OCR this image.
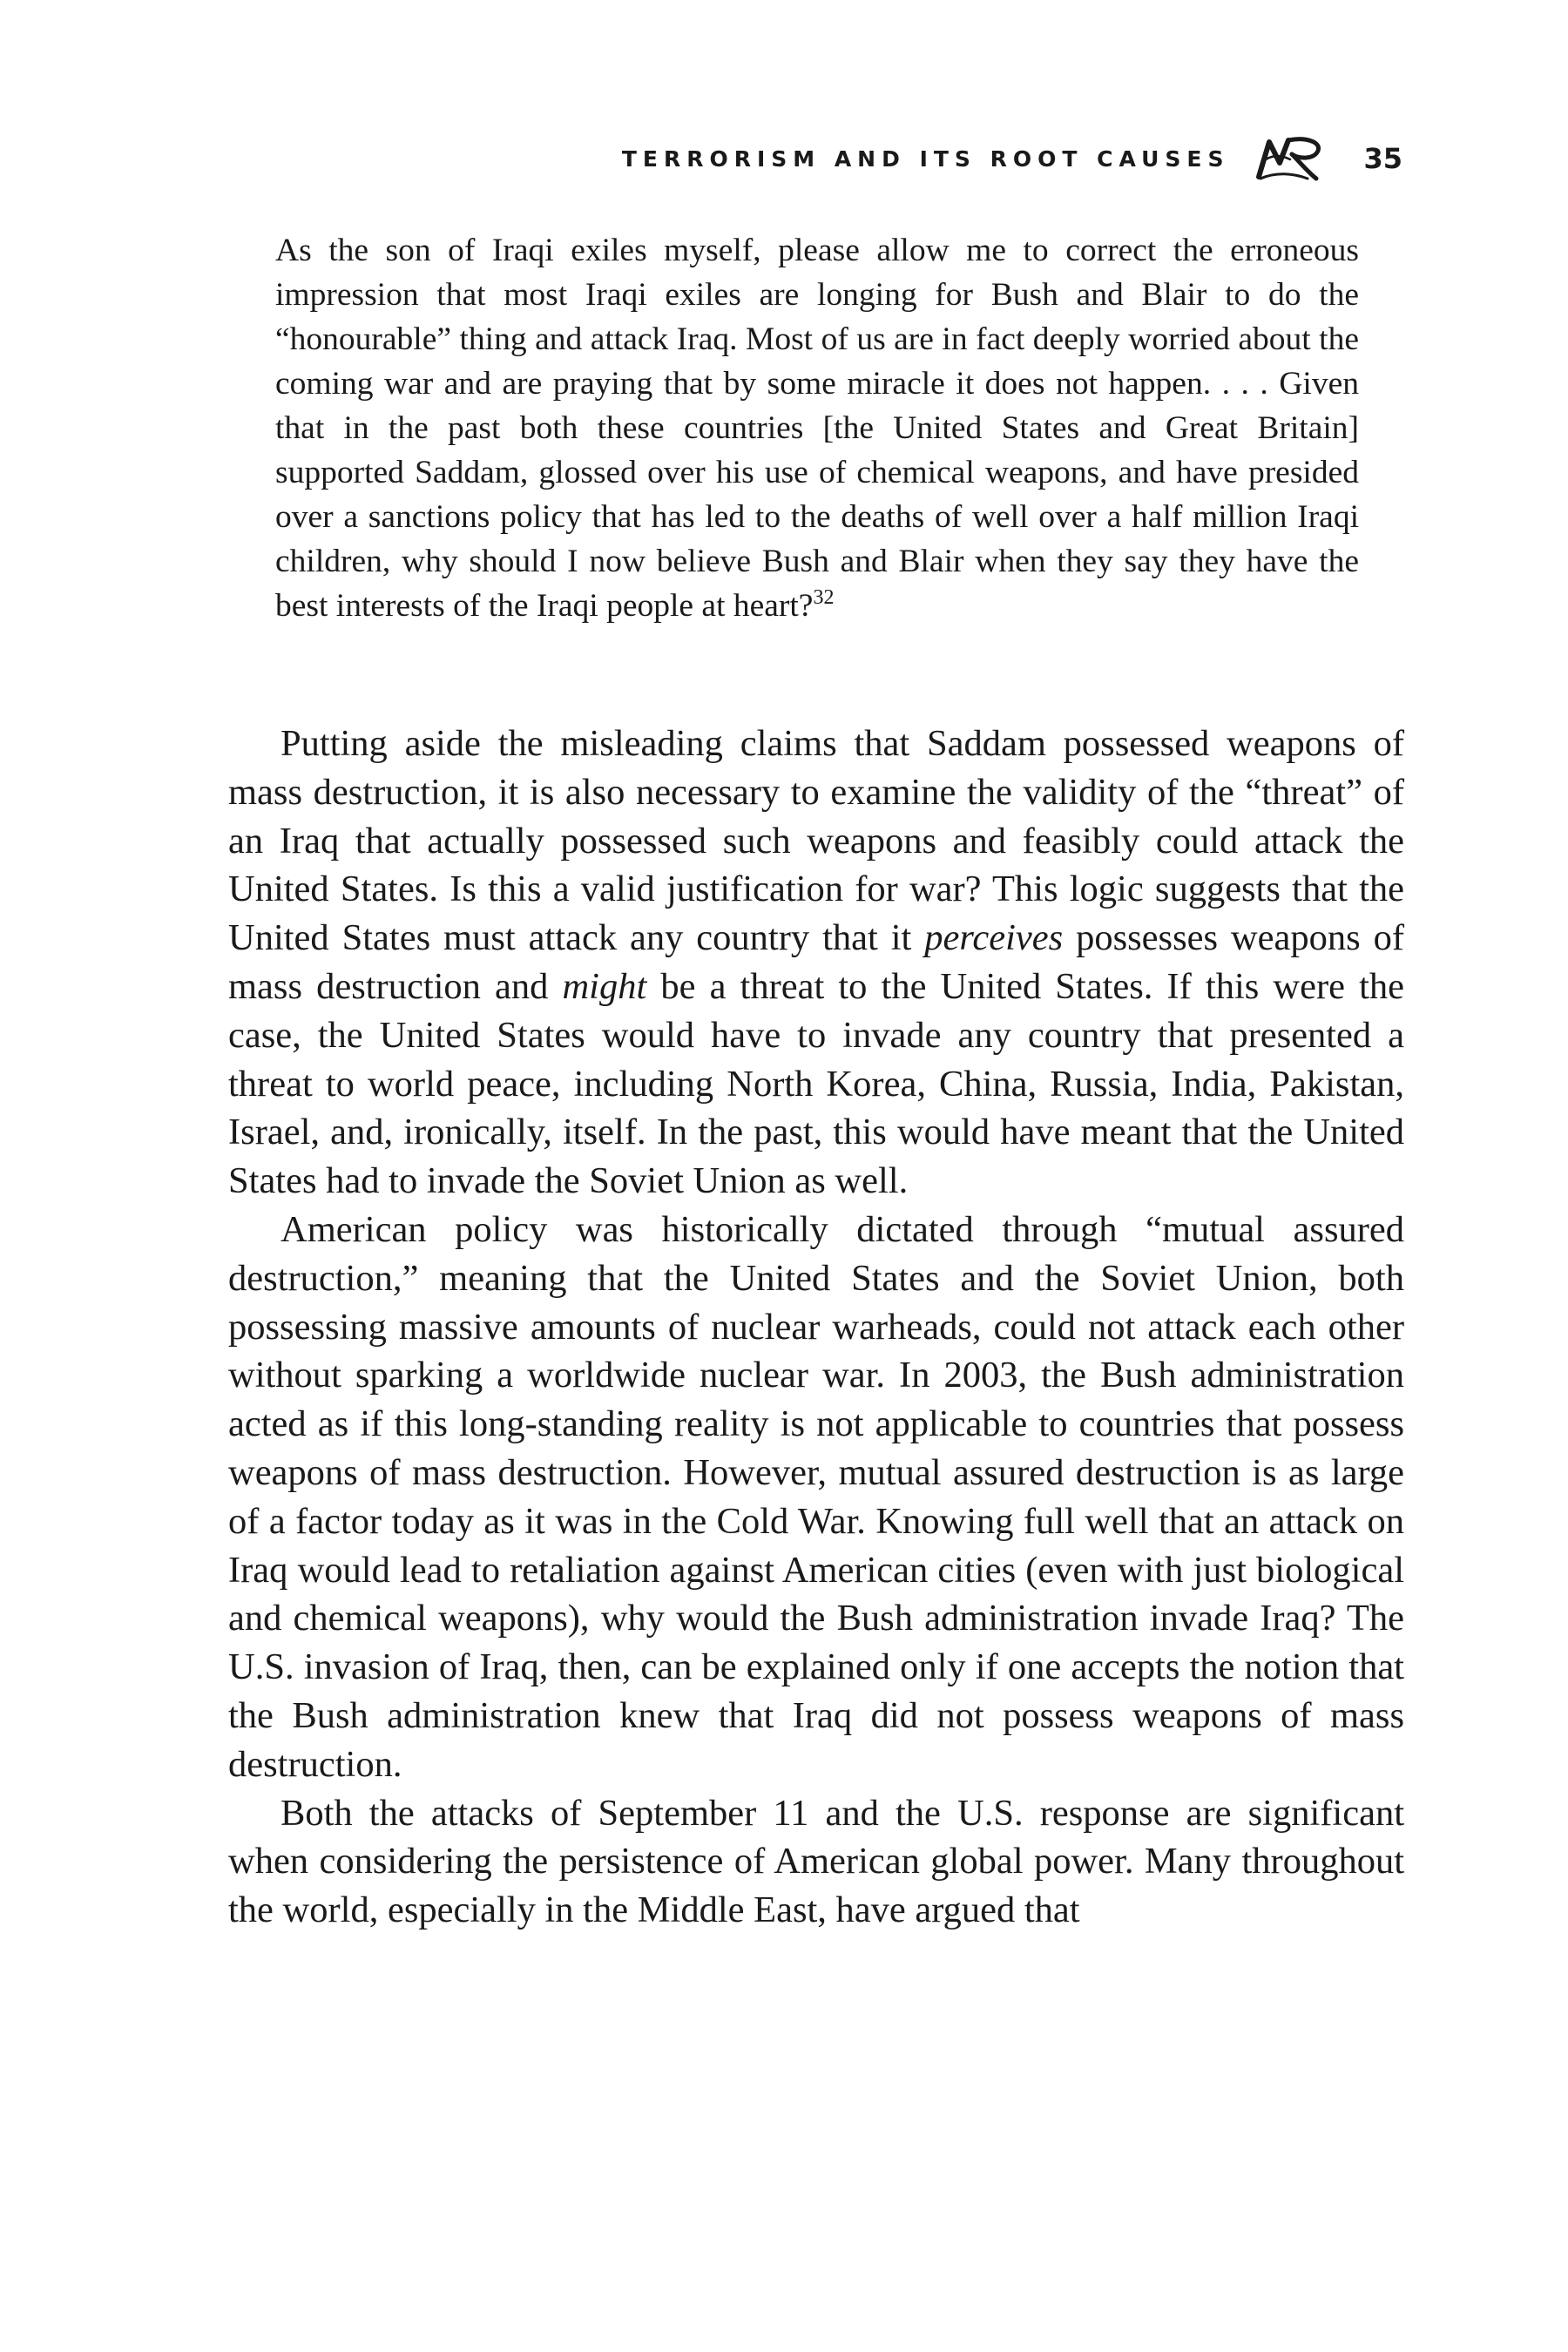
TERRORISM AND ITS ROOT CAUSES	35

As the son of Iraqi exiles myself, please allow me to correct the erroneous impression that most Iraqi exiles are longing for Bush and Blair to do the “honourable” thing and attack Iraq. Most of us are in fact deeply worried about the coming war and are praying that by some miracle it does not happen. . . . Given that in the past both these countries [the United States and Great Britain] supported Saddam, glossed over his use of chemical weapons, and have presided over a sanctions policy that has led to the deaths of well over a half million Iraqi children, why should I now believe Bush and Blair when they say they have the best interests of the Iraqi people at heart?$^{32}$

Putting aside the misleading claims that Saddam possessed weapons of mass destruction, it is also necessary to examine the validity of the “threat” of an Iraq that actually possessed such weapons and feasibly could attack the United States. Is this a valid justification for war? This logic suggests that the United States must attack any country that it perceives possesses weapons of mass destruction and might be a threat to the United States. If this were the case, the United States would have to invade any country that presented a threat to world peace, including North Korea, China, Russia, India, Pakistan, Israel, and, ironically, itself. In the past, this would have meant that the United States had to invade the Soviet Union as well.

American policy was historically dictated through “mutual assured destruction,” meaning that the United States and the Soviet Union, both possessing massive amounts of nuclear warheads, could not attack each other without sparking a worldwide nuclear war. In 2003, the Bush administration acted as if this long-standing reality is not applicable to countries that possess weapons of mass destruction. However, mutual assured destruction is as large of a factor today as it was in the Cold War. Knowing full well that an attack on Iraq would lead to retaliation against American cities (even with just biological and chemical weapons), why would the Bush administration invade Iraq? The U.S. invasion of Iraq, then, can be explained only if one accepts the notion that the Bush administration knew that Iraq did not possess weapons of mass destruction.

Both the attacks of September 11 and the U.S. response are significant when considering the persistence of American global power. Many throughout the world, especially in the Middle East, have argued that
